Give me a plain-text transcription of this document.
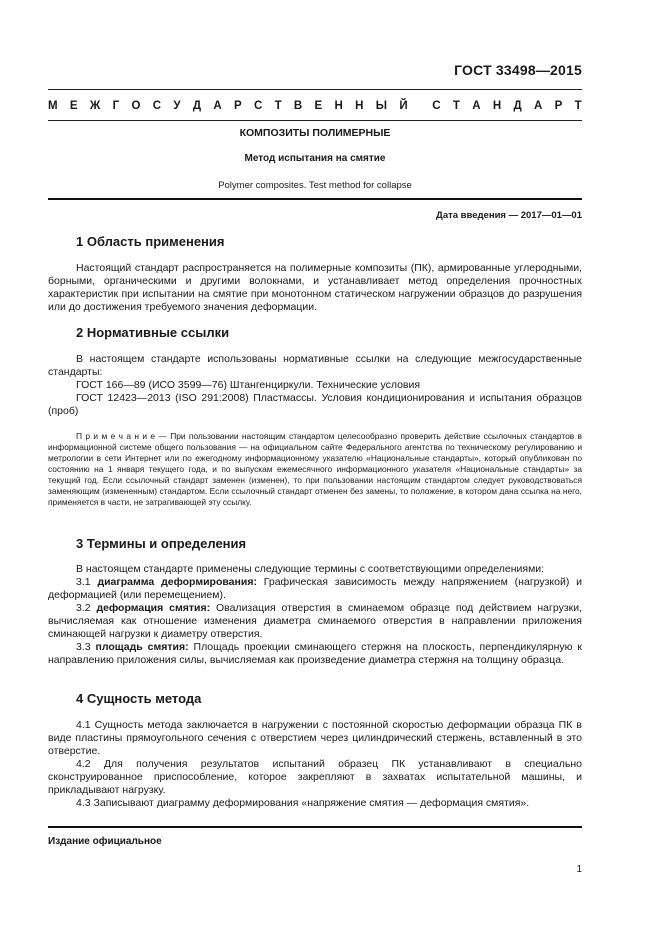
ГОСТ 33498—2015
М Е Ж Г О С У Д А Р С Т В Е Н Н Ы Й С Т А Н Д А Р Т
КОМПОЗИТЫ ПОЛИМЕРНЫЕ
Метод испытания на смятие
Polymer composites. Test method for collapse
Дата введения — 2017—01—01
1 Область применения

Настоящий стандарт распространяется на полимерные композиты (ПК), армированные углеродными, борными, органическими и другими волокнами, и устанавливает метод определения прочностных характеристик при испытании на смятие при монотонном статическом нагружении образцов до разрушения или до достижения требуемого значения деформации.

2 Нормативные ссылки

В настоящем стандарте использованы нормативные ссылки на следующие межгосударственные стандарты:

ГОСТ 166—89 (ИСО 3599—76) Штангенциркули. Технические условия

ГОСТ 12423—2013 (ISO 291:2008) Пластмассы. Условия кондиционирования и испытания образцов (проб)

П р и м е ч а н и е — При пользовании настоящим стандартом целесообразно проверить действие ссылочных стандартов в информационной системе общего пользования — на официальном сайте Федерального агентства по техническому регулированию и метрологии в сети Интернет или по ежегодному информационному указателю «Национальные стандарты», который опубликован по состоянию на 1 января текущего года, и по выпускам ежемесячного информационного указателя «Национальные стандарты» за текущий год. Если ссылочный стандарт заменен (изменен), то при пользовании настоящим стандартом следует руководствоваться заменяющим (измененным) стандартом. Если ссылочный стандарт отменен без замены, то положение, в котором дана ссылка на него, применяется в части, не затрагивающей эту ссылку.

3 Термины и определения

В настоящем стандарте применены следующие термины с соответствующими определениями:

3.1 диаграмма деформирования: Графическая зависимость между напряжением (нагрузкой) и деформацией (или перемещением).

3.2 деформация смятия: Овализация отверстия в сминаемом образце под действием нагрузки, вычисляемая как отношение изменения диаметра сминаемого отверстия в направлении приложения сминающей нагрузки к диаметру отверстия.

3.3 площадь смятия: Площадь проекции сминающего стержня на плоскость, перпендикулярную к направлению приложения силы, вычисляемая как произведение диаметра стержня на толщину образца.

4 Сущность метода

4.1 Сущность метода заключается в нагружении с постоянной скоростью деформации образца ПК в виде пластины прямоугольного сечения с отверстием через цилиндрический стержень, вставленный в это отверстие.

4.2 Для получения результатов испытаний образец ПК устанавливают в специально сконструированное приспособление, которое закрепляют в захватах испытательной машины, и прикладывают нагрузку.

4.3 Записывают диаграмму деформирования «напряжение смятия — деформация смятия».

Издание официальное
1
